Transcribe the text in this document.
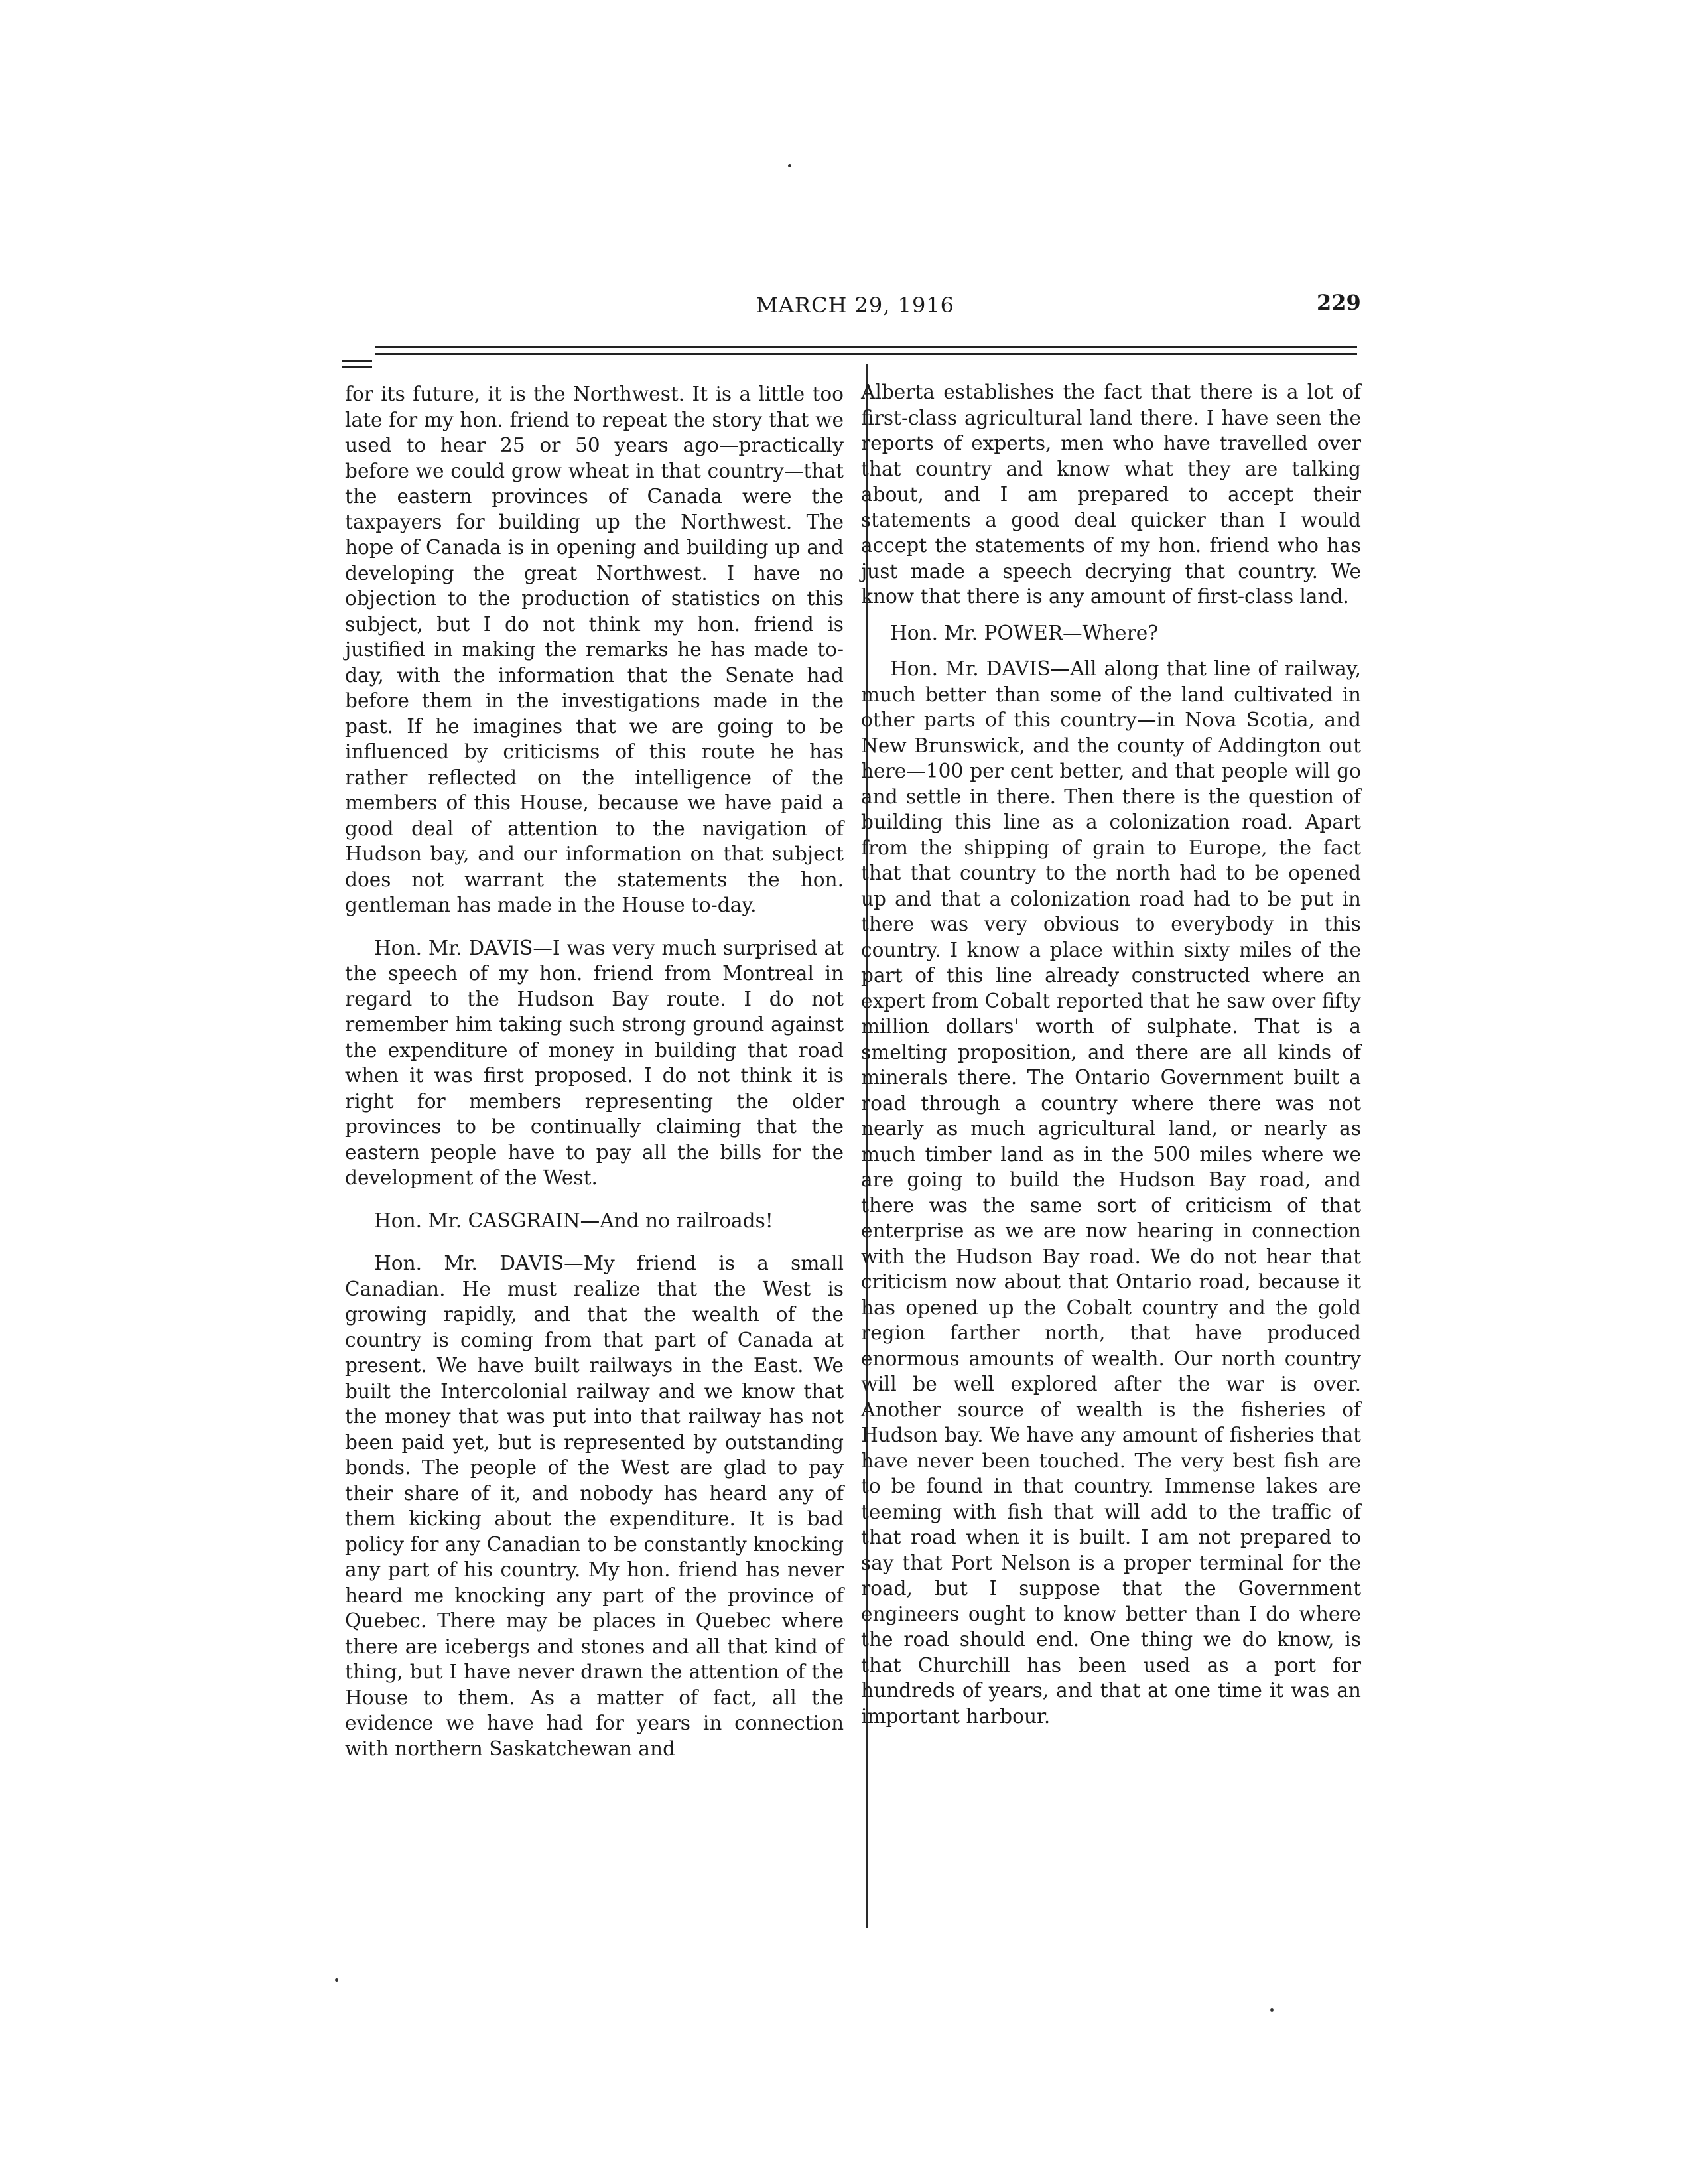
MARCH 29, 1916	229

for its future, it is the Northwest. It is a little too late for my hon. friend to repeat the story that we used to hear 25 or 50 years ago—practically before we could grow wheat in that country—that the eastern provinces of Canada were the taxpayers for building up the Northwest. The hope of Canada is in opening and building up and developing the great Northwest. I have no objection to the production of statistics on this subject, but I do not think my hon. friend is justified in making the remarks he has made to-day, with the information that the Senate had before them in the investigations made in the past. If he imagines that we are going to be influenced by criticisms of this route he has rather reflected on the intelligence of the members of this House, because we have paid a good deal of attention to the navigation of Hudson bay, and our information on that subject does not warrant the statements the hon. gentleman has made in the House to-day.

Hon. Mr. DAVIS—I was very much surprised at the speech of my hon. friend from Montreal in regard to the Hudson Bay route. I do not remember him taking such strong ground against the expenditure of money in building that road when it was first proposed. I do not think it is right for members representing the older provinces to be continually claiming that the eastern people have to pay all the bills for the development of the West.

Hon. Mr. CASGRAIN—And no railroads!

Hon. Mr. DAVIS—My friend is a small Canadian. He must realize that the West is growing rapidly, and that the wealth of the country is coming from that part of Canada at present. We have built railways in the East. We built the Intercolonial railway and we know that the money that was put into that railway has not been paid yet, but is represented by outstanding bonds. The people of the West are glad to pay their share of it, and nobody has heard any of them kicking about the expenditure. It is bad policy for any Canadian to be constantly knocking any part of his country. My hon. friend has never heard me knocking any part of the province of Quebec. There may be places in Quebec where there are icebergs and stones and all that kind of thing, but I have never drawn the attention of the House to them. As a matter of fact, all the evidence we have had for years in connection with northern Saskatchewan and

Alberta establishes the fact that there is a lot of first-class agricultural land there. I have seen the reports of experts, men who have travelled over that country and know what they are talking about, and I am prepared to accept their statements a good deal quicker than I would accept the statements of my hon. friend who has just made a speech decrying that country. We know that there is any amount of first-class land.

Hon. Mr. POWER—Where?

Hon. Mr. DAVIS—All along that line of railway, much better than some of the land cultivated in other parts of this country—in Nova Scotia, and New Brunswick, and the county of Addington out here—100 per cent better, and that people will go and settle in there. Then there is the question of building this line as a colonization road. Apart from the shipping of grain to Europe, the fact that that country to the north had to be opened up and that a colonization road had to be put in there was very obvious to everybody in this country. I know a place within sixty miles of the part of this line already constructed where an expert from Cobalt reported that he saw over fifty million dollars' worth of sulphate. That is a smelting proposition, and there are all kinds of minerals there. The Ontario Government built a road through a country where there was not nearly as much agricultural land, or nearly as much timber land as in the 500 miles where we are going to build the Hudson Bay road, and there was the same sort of criticism of that enterprise as we are now hearing in connection with the Hudson Bay road. We do not hear that criticism now about that Ontario road, because it has opened up the Cobalt country and the gold region farther north, that have produced enormous amounts of wealth. Our north country will be well explored after the war is over. Another source of wealth is the fisheries of Hudson bay. We have any amount of fisheries that have never been touched. The very best fish are to be found in that country. Immense lakes are teeming with fish that will add to the traffic of that road when it is built. I am not prepared to say that Port Nelson is a proper terminal for the road, but I suppose that the Government engineers ought to know better than I do where the road should end. One thing we do know, is that Churchill has been used as a port for hundreds of years, and that at one time it was an important harbour.
